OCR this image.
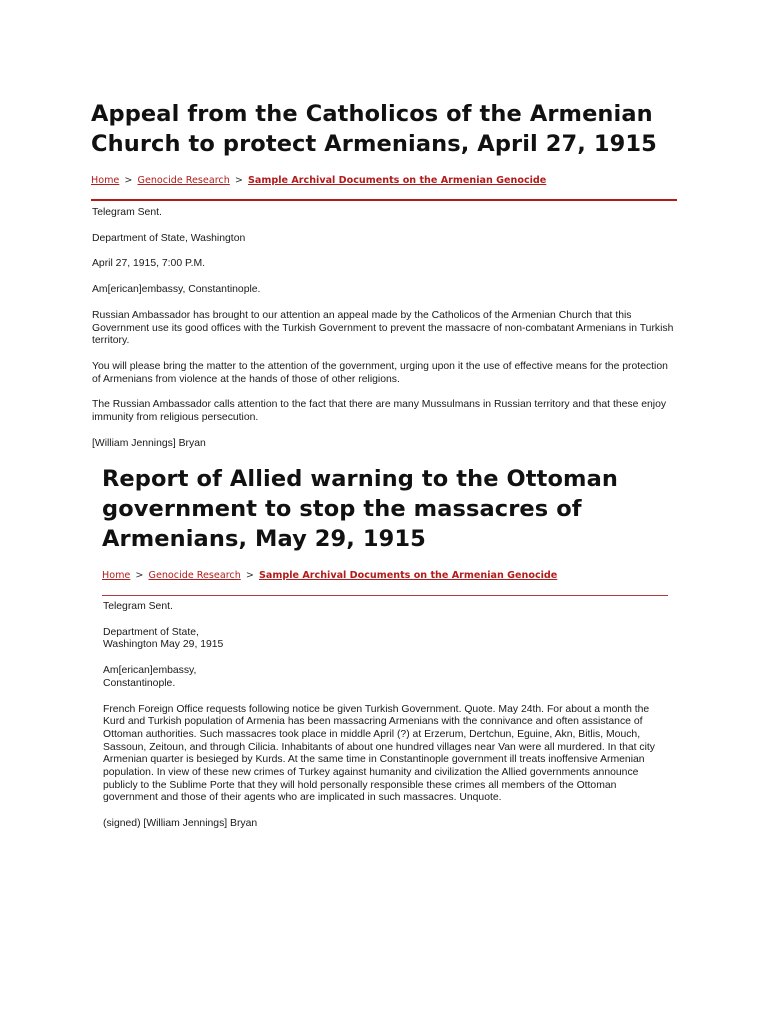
Appeal from the Catholicos of the Armenian Church to protect Armenians, April 27, 1915
Home > Genocide Research > Sample Archival Documents on the Armenian Genocide

Telegram Sent.

Department of State, Washington

April 27, 1915, 7:00 P.M.

Am[erican]embassy, Constantinople.

Russian Ambassador has brought to our attention an appeal made by the Catholicos of the Armenian Church that this Government use its good offices with the Turkish Government to prevent the massacre of non-combatant Armenians in Turkish territory.

You will please bring the matter to the attention of the government, urging upon it the use of effective means for the protection of Armenians from violence at the hands of those of other religions.

The Russian Ambassador calls attention to the fact that there are many Mussulmans in Russian territory and that these enjoy immunity from religious persecution.

[William Jennings] Bryan

Report of Allied warning to the Ottoman government to stop the massacres of Armenians, May 29, 1915
Home > Genocide Research > Sample Archival Documents on the Armenian Genocide

Telegram Sent.

Department of State,
Washington May 29, 1915

Am[erican]embassy,
Constantinople.

French Foreign Office requests following notice be given Turkish Government. Quote. May 24th. For about a month the Kurd and Turkish population of Armenia has been massacring Armenians with the connivance and often assistance of Ottoman authorities. Such massacres took place in middle April (?) at Erzerum, Dertchun, Eguine, Akn, Bitlis, Mouch, Sassoun, Zeitoun, and through Cilicia. Inhabitants of about one hundred villages near Van were all murdered. In that city Armenian quarter is besieged by Kurds. At the same time in Constantinople government ill treats inoffensive Armenian population. In view of these new crimes of Turkey against humanity and civilization the Allied governments announce publicly to the Sublime Porte that they will hold personally responsible these crimes all members of the Ottoman government and those of their agents who are implicated in such massacres. Unquote.

(signed) [William Jennings] Bryan
